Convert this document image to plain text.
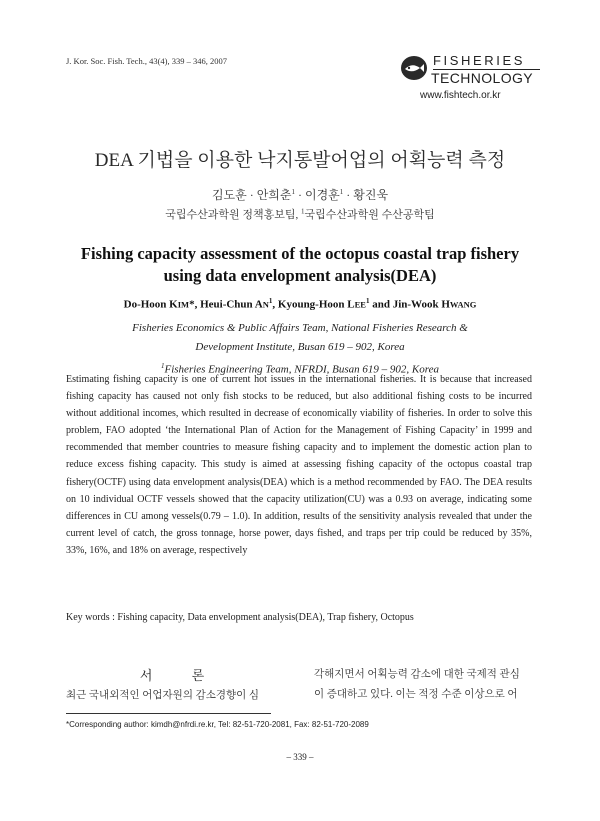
J. Kor. Soc. Fish. Tech., 43(4), 339 – 346, 2007	FISHERIES
TECHNOLOGY
www.fishtech.or.kr
DEA 기법을 이용한 낙지통발어업의 어획능력 측정
김도훈 · 안희춘$^1$ · 이경훈$^1$ · 황진욱
국립수산과학원 정책홍보팀, $^1$국립수산과학원 수산공학팀
Fishing capacity assessment of the octopus coastal trap fishery
using data envelopment analysis(DEA)
Do-Hoon KIM*, Heui-Chun $AN^1$, Kyoung-Hoon LEE$^1$ and Jin-Wook HWANG
Fisheries Economics & Public Affairs Team, National Fisheries Research &
Development Institute, Busan 619 – 902, Korea
$^1$Fisheries Engineering Team, NFRDI, Busan 619 – 902, Korea
Estimating fishing capacity is one of current hot issues in the international fisheries. It is because that increased fishing capacity has caused not only fish stocks to be reduced, but also additional fishing costs to be incurred without additional incomes, which resulted in decrease of economically viability of fisheries. In order to solve this problem, FAO adopted ‘the International Plan of Action for the Management of Fishing Capacity’ in 1999 and recommended that member countries to measure fishing capacity and to implement the domestic action plan to reduce excess fishing capacity. This study is aimed at assessing fishing capacity of the octopus coastal trap fishery(OCTF) using data envelopment analysis(DEA) which is a method recommended by FAO. The DEA results on 10 individual OCTF vessels showed that the capacity utilization(CU) was a 0.93 on average, indicating some differences in CU among vessels(0.79 – 1.0). In addition, results of the sensitivity analysis revealed that under the current level of catch, the gross tonnage, horse power, days fished, and traps per trip could be reduced by 35%, 33%, 16%, and 18% on average, respectively
Key words : Fishing capacity, Data envelopment analysis(DEA), Trap fishery, Octopus
서 론
최근 국내외적인 어업자원의 감소경향이 심
각해지면서 어획능력 감소에 대한 국제적 관심
이 증대하고 있다. 이는 적정 수준 이상으로 어
*Corresponding author: kimdh@nfrdi.re.kr, Tel: 82-51-720-2081, Fax: 82-51-720-2089
– 339 –
